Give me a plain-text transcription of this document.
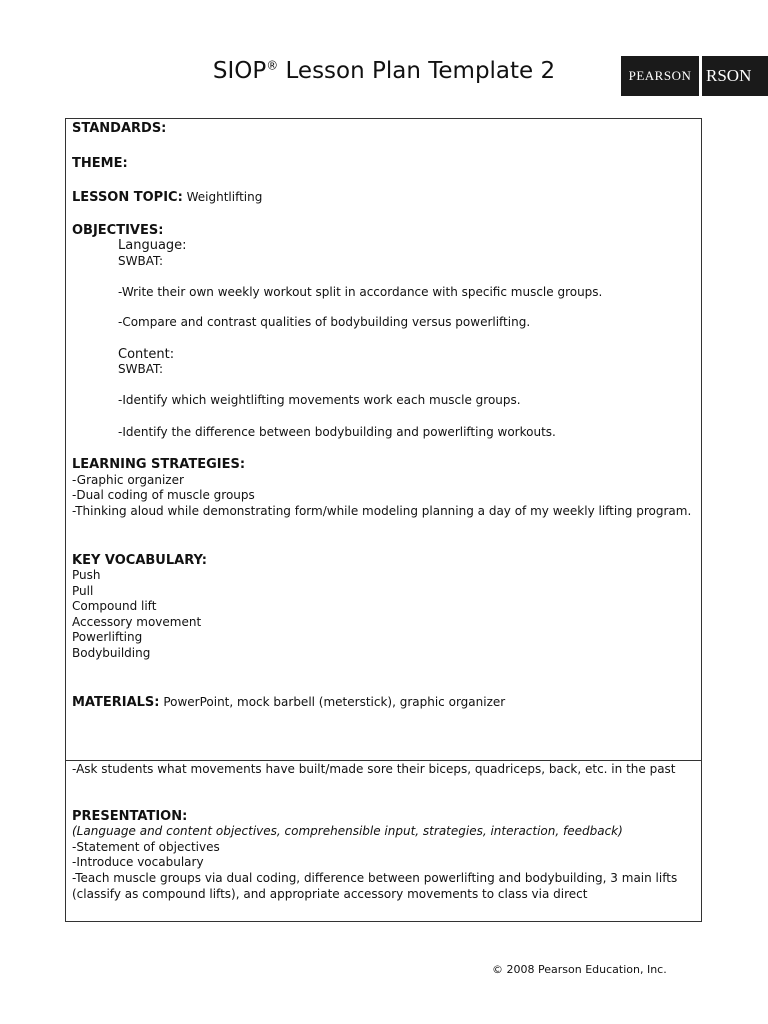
SIOP® Lesson Plan Template 2	PEARSON RSON
STANDARDS:
THEME:
LESSON TOPIC: Weightlifting
OBJECTIVES:
Language:
SWBAT:
-Write their own weekly workout split in accordance with specific muscle groups.
-Compare and contrast qualities of bodybuilding versus powerlifting.
Content:
SWBAT:
-Identify which weightlifting movements work each muscle groups.
-Identify the difference between bodybuilding and powerlifting workouts.
LEARNING STRATEGIES:
-Graphic organizer
-Dual coding of muscle groups
-Thinking aloud while demonstrating form/while modeling planning a day of my weekly lifting program.
KEY VOCABULARY:
Push
Pull
Compound lift
Accessory movement
Powerlifting
Bodybuilding
MATERIALS: PowerPoint, mock barbell (meterstick), graphic organizer
-Ask students what movements have built/made sore their biceps, quadriceps, back, etc. in the past
PRESENTATION:
(Language and content objectives, comprehensible input, strategies, interaction, feedback)
-Statement of objectives
-Introduce vocabulary
-Teach muscle groups via dual coding, difference between powerlifting and bodybuilding, 3 main lifts (classify as compound lifts), and appropriate accessory movements to class via direct
© 2008 Pearson Education, Inc.
